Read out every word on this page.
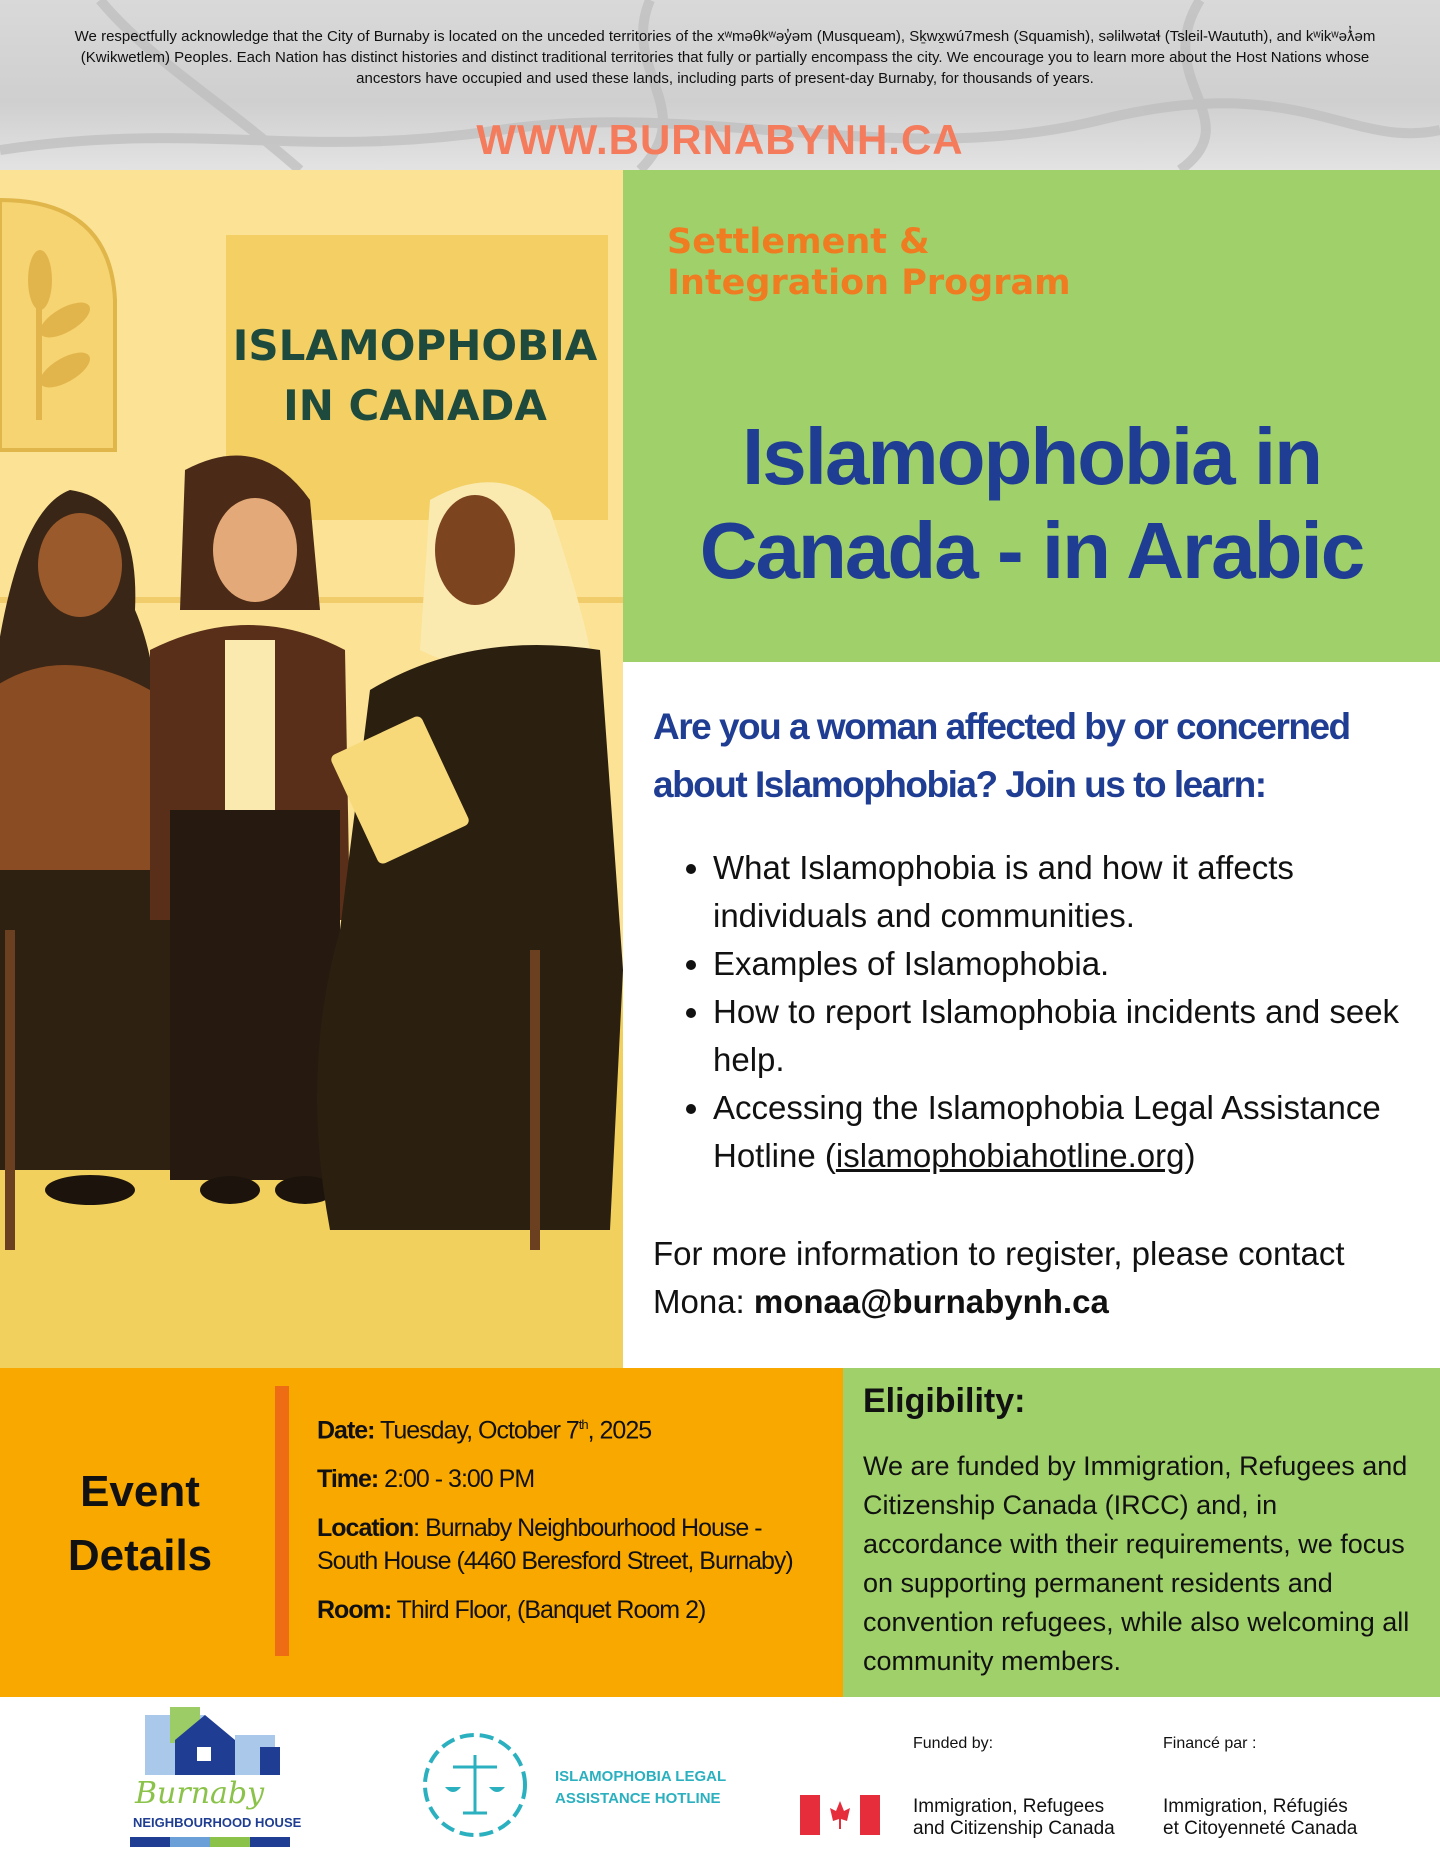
We respectfully acknowledge that the City of Burnaby is located on the unceded territories of the xʷməθkʷəy̓əm (Musqueam), Sḵwx̱wú7mesh (Squamish), səlilwətaɬ (Tsleil-Waututh), and kʷikʷəƛ̓əm (Kwikwetlem) Peoples. Each Nation has distinct histories and distinct traditional territories that fully or partially encompass the city. We encourage you to learn more about the Host Nations whose ancestors have occupied and used these lands, including parts of present-day Burnaby, for thousands of years.
WWW.BURNABYNH.CA
ISLAMOPHOBIA
IN CANADA
Settlement &
Integration Program
Islamophobia in
Canada - in Arabic
Are you a woman affected by or concerned about Islamophobia? Join us to learn:
• What Islamophobia is and how it affects individuals and communities.
• Examples of Islamophobia.
• How to report Islamophobia incidents and seek help.
• Accessing the Islamophobia Legal Assistance Hotline (islamophobiahotline.org)
For more information to register, please contact Mona: monaa@burnabynh.ca
Event
Details

Date: Tuesday, October 7th, 2025

Time: 2:00 - 3:00 PM

Location: Burnaby Neighbourhood House - South House (4460 Beresford Street, Burnaby)

Room: Third Floor, (Banquet Room 2)

Eligibility:
We are funded by Immigration, Refugees and Citizenship Canada (IRCC) and, in accordance with their requirements, we focus on supporting permanent residents and convention refugees, while also welcoming all community members.
Burnaby
NEIGHBOURHOOD HOUSE
ISLAMOPHOBIA LEGAL
ASSISTANCE HOTLINE
Funded by:	Financé par :
Immigration, Refugees
and Citizenship Canada
Immigration, Réfugiés
et Citoyenneté Canada
